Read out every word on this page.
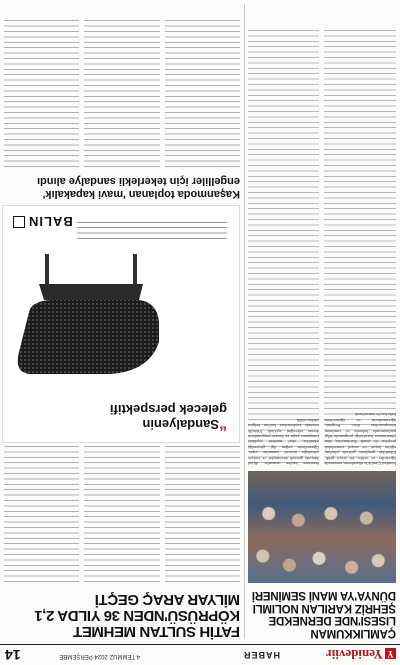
YYenideviir
HABER
4 TEMMUZ 2024 PERŞEMBE
14
ÇAMLIKKUMAN LISESI'NDE DERNEKDE ŞEHRİZ KARILAN NOLIMLI DÜNYA'YA MANİ SEMİNERİ
İstanbul Çamlık'ta düzenlenen seminerde öğrenciler ve veliler bir araya geldi. Etkinlikte gençlerin gelecek planları, eğitim hayatı ve sosyal sorumluluk projeleri ele alındı. Katılımcılar, okul yönetiminin hazırladığı programda bilgi paylaşımında bulundu ve sorularını konuşmacılara iletti. Program, öğretmenlerin ve öğrencilerin katkılarıyla tamamlandı.
Seminere katılan uzmanlar, dijital dünyada güvenli davranışlar ve kariyer yolculuğu üzerine sunumlar yaptı. Öğrencilerin yoğun ilgi gösterdiği etkinlikte, okul müdürü teşekkür konuşması yaptı ve benzer programların devam edeceğini açıkladı. Etkinlik sonunda katılımcılara katılım belgesi takdim edildi.
FATİH SULTAN MEHMET KÖPRÜSÜ'NDEN 36 YILDA 2,1 MİLYAR ARAÇ GEÇTİ
“Sandalyenin gelecek perspektifi
BALIN
Kaşanmoda toplanan 'mavi kapakalık' engelliler için tekerlekli sandalye alındı
